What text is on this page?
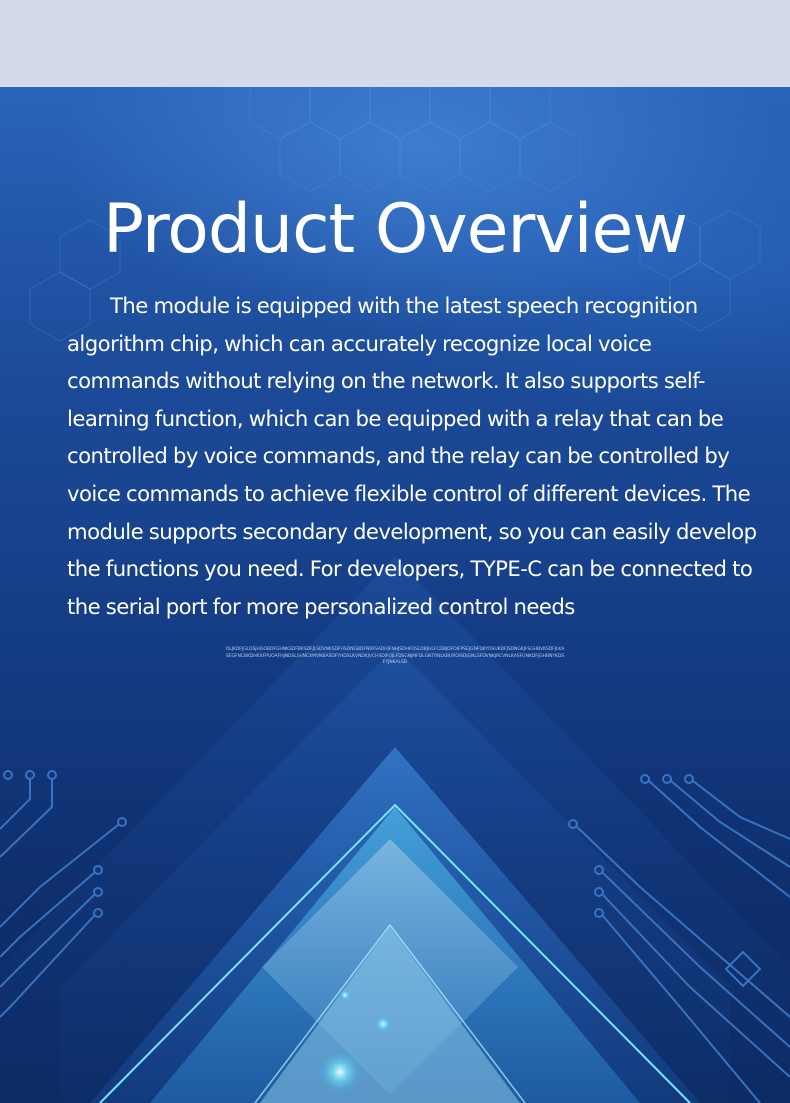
Product Overview

The module is equipped with the latest speech recognition algorithm chip, which can accurately recognize local voice commands without relying on the network. It also supports self-learning function, which can be equipped with a relay that can be controlled by voice commands, and the relay can be controlled by voice commands to achieve flexible control of different devices. The module supports secondary development, so you can easily develop the functions you need. For developers, TYPE-C can be connected to the serial port for more personalized control needs

OLJKDFJGLDSJHGOBDFGHNKSDFBKSDFJLSDVNKSDFHSDNGBDFNRFSADHJFNHJSDHFOSLDBJHLFCDBJDFOIFPSEJGNFDKYOSUKDFJSDNGKJFSGHBVKSDFJLKASEGFNCBKDHKXFPUOAFHJNDSLSVNCXMVNBASDFYHDSLKVNDKJVCHSDIFUJLFDSGNJMFDLGNTRNLKBUROISDJGNLSFDVNKJRCVNLKASFGNKDFJGHBNYKDSFYJNKALSD
